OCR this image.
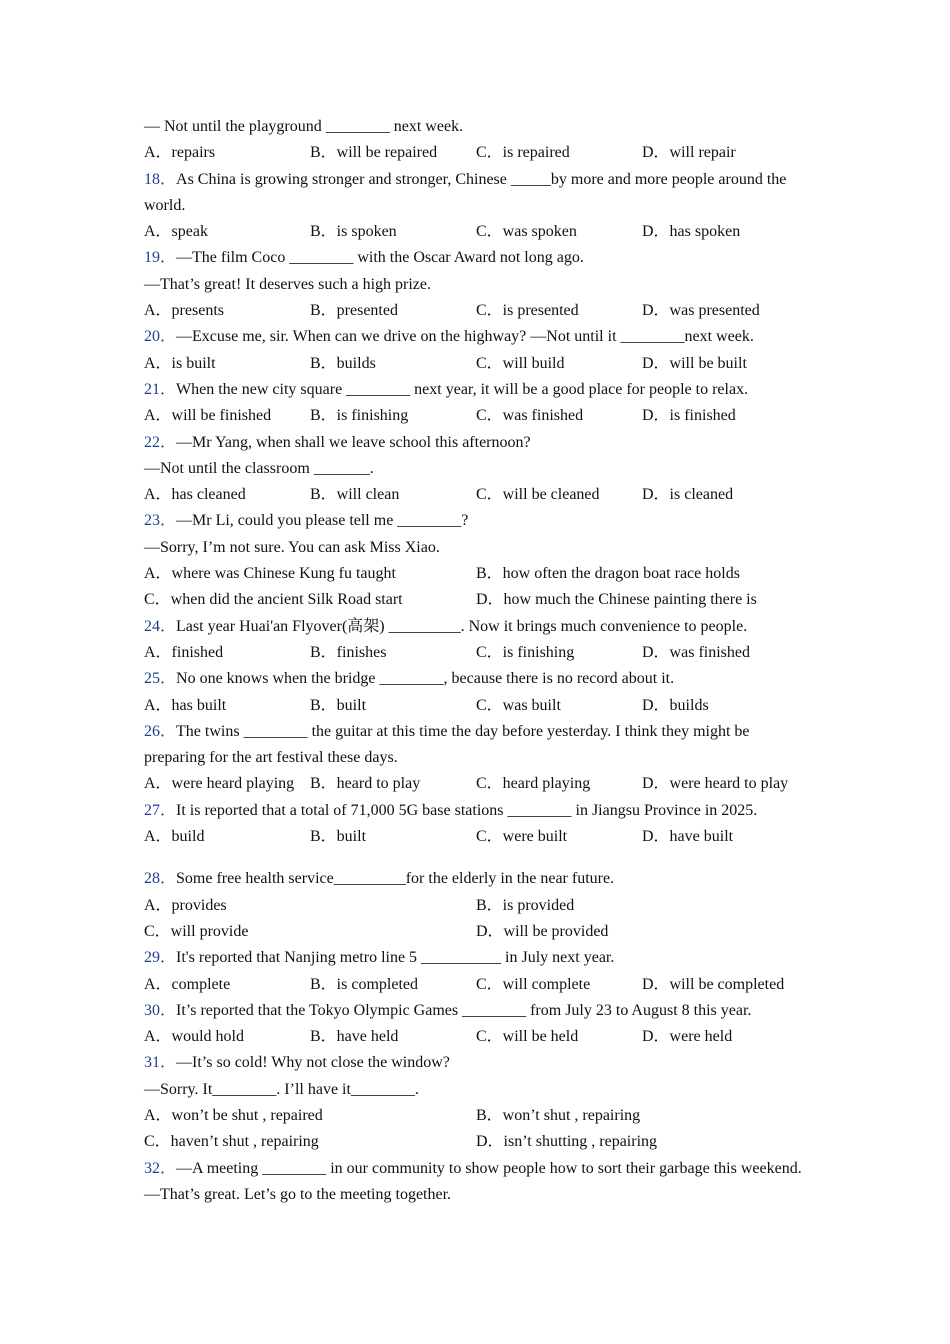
— Not until the playground ________ next week.
A．repairs	B．will be repaired	C．is repaired	D．will repair
18．As China is growing stronger and stronger, Chinese _____by more and more people around the world.
A．speak	B．is spoken	C．was spoken	D．has spoken
19．—The film Coco ________ with the Oscar Award not long ago.
—That’s great! It deserves such a high prize.
A．presents	B．presented	C．is presented	D．was presented
20．—Excuse me, sir. When can we drive on the highway? —Not until it ________next week.
A．is built	B．builds	C．will build	D．will be built
21．When the new city square ________ next year, it will be a good place for people to relax.
A．will be finished	B．is finishing	C．was finished	D．is finished
22．—Mr Yang, when shall we leave school this afternoon?
—Not until the classroom _______.
A．has cleaned	B．will clean	C．will be cleaned	D．is cleaned
23．—Mr Li, could you please tell me ________?
—Sorry, I’m not sure. You can ask Miss Xiao.
A．where was Chinese Kung fu taught	B．how often the dragon boat race holds
C．when did the ancient Silk Road start	D．how much the Chinese painting there is
24．Last year Huai'an Flyover(高架) _________. Now it brings much convenience to people.
A．finished	B．finishes	C．is finishing	D．was finished
25．No one knows when the bridge ________, because there is no record about it.
A．has built	B．built	C．was built	D．builds
26．The twins ________ the guitar at this time the day before yesterday. I think they might be preparing for the art festival these days.
A．were heard playing B．heard to play	C．heard playing	D．were heard to play
27．It is reported that a total of 71,000 5G base stations ________ in Jiangsu Province in 2025.
A．build	B．built	C．were built	D．have built
28．Some free health service_________for the elderly in the near future.
A．provides	B．is provided
C．will provide	D．will be provided
29．It's reported that Nanjing metro line 5 __________ in July next year.
A．complete	B．is completed	C．will complete	D．will be completed
30．It’s reported that the Tokyo Olympic Games ________ from July 23 to August 8 this year.
A．would hold	B．have held	C．will be held	D．were held
31．—It’s so cold! Why not close the window?
—Sorry. It________. I’ll have it________.
A．won’t be shut , repaired	B．won’t shut , repairing
C．haven’t shut , repairing	D．isn’t shutting , repairing
32．—A meeting ________ in our community to show people how to sort their garbage this weekend.
—That’s great. Let’s go to the meeting together.
